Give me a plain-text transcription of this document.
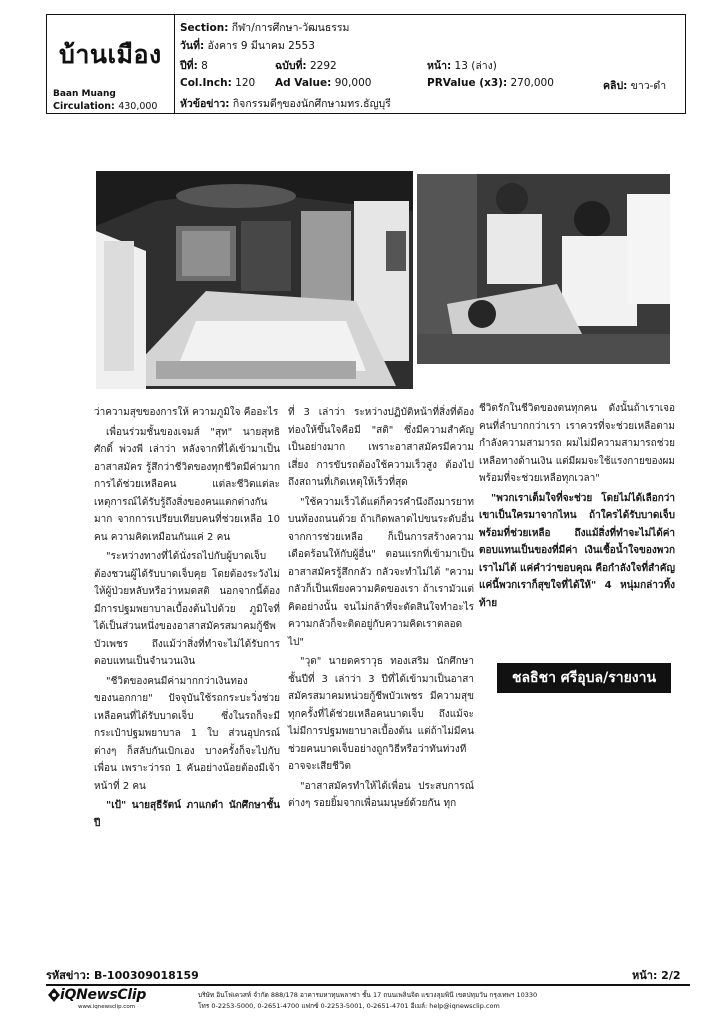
บ้านเมือง
Baan Muang
Circulation: 430,000
Section: กีฬา/การศึกษา-วัฒนธรรม
วันที่: อังคาร 9 มีนาคม 2553
ปีที่: 8	ฉบับที่: 2292	หน้า: 13 (ล่าง)
Col.Inch: 120 Ad Value: 90,000	PRValue (x3): 270,000	คลิป: ขาว-ดำ
หัวข้อข่าว: กิจกรรมดีๆของนักศึกษามทร.ธัญบุรี

ว่าความสุขของการให้ ความภูมิใจ คืออะไร

เพื่อนร่วมชั้นของเจมส์ "สุท" นายสุทธิศักดิ์ พ่วงพี เล่าว่า หลังจากที่ได้เข้ามาเป็นอาสาสมัคร รู้สึกว่าชีวิตของทุกชีวิตมีค่ามาก การได้ช่วยเหลือคน แต่ละชีวิตแต่ละเหตุการณ์ได้รับรู้ถึงสิ่งของคนแตกต่างกันมาก จากการเปรียบเทียบคนที่ช่วยเหลือ 10 คน ความคิดเหมือนกันแค่ 2 คน

"ระหว่างทางที่ได้นั่งรถไปกับผู้บาดเจ็บต้องชวนผู้ได้รับบาดเจ็บคุย โดยต้องระวังไม่ให้ผู้ป่วยหลับหรือว่าหมดสติ นอกจากนี้ต้องมีการปฐมพยาบาลเบื้องต้นไปด้วย ภูมิใจที่ได้เป็นส่วนหนึ่งของอาสาสมัครสมาคมกู้ชีพบัวเพชร ถึงแม้ว่าสิ่งที่ทำจะไม่ได้รับการตอบแทนเป็นจำนวนเงิน

"ชีวิตของคนมีค่ามากกว่าเงินทองของนอกกาย" ปัจจุบันใช้รถกระบะวิ่งช่วยเหลือคนที่ได้รับบาดเจ็บ ซึ่งในรถก็จะมีกระเป๋าปฐมพยาบาล 1 ใบ ส่วนอุปกรณ์ต่างๆ ก็สลับกันเบิกเอง บางครั้งก็จะไปกับเพื่อน เพราะว่ารถ 1 คันอย่างน้อยต้องมีเจ้าหน้าที่ 2 คน

"เป้" นายสุธีรัตน์ ภาแกดำ นักศึกษาชั้นปี

ที่ 3 เล่าว่า ระหว่างปฏิบัติหน้าที่สิ่งที่ต้องท่องให้ขึ้นใจคือมี "สติ" ซึ่งมีความสำคัญเป็นอย่างมาก เพราะอาสาสมัครมีความเสี่ยง การขับรถต้องใช้ความเร็วสูง ต้องไปถึงสถานที่เกิดเหตุให้เร็วที่สุด

"ใช้ความเร็วได้แต่ก็ควรคำนึงถึงมารยาทบนท้องถนนด้วย ถ้าเกิดพลาดไปขนระดับอื่นจากการช่วยเหลือ ก็เป็นการสร้างความเดือดร้อนให้กับผู้อื่น" ตอนแรกที่เข้ามาเป็นอาสาสมัครรู้สึกกลัว กลัวจะทำไม่ได้ "ความกลัวก็เป็นเพียงความคิดของเรา ถ้าเรามัวแต่คิดอย่างนั้น จนไม่กล้าที่จะตัดสินใจทำอะไร ความกลัวก็จะติดอยู่กับความคิดเราตลอดไป"

"วุด" นายดคราวุธ ทองเสริม นักศึกษาชั้นปีที่ 3 เล่าว่า 3 ปีที่ได้เข้ามาเป็นอาสาสมัครสมาคมหน่วยกู้ชีพบัวเพชร มีความสุขทุกครั้งที่ได้ช่วยเหลือคนบาดเจ็บ ถึงแม้จะไม่มีการปฐมพยาบาลเบื้องต้น แต่ถ้าไม่มีคนช่วยคนบาดเจ็บอย่างถูกวิธีหรือว่าทันท่วงทีอาจจะเสียชีวิต

"อาสาสมัครทำให้ได้เพื่อน ประสบการณ์ต่างๆ รอยยิ้มจากเพื่อนมนุษย์ด้วยกัน ทุก

ชีวิตรักในชีวิตของตนทุกคน ดังนั้นถ้าเราเจอคนที่ลำบากกว่าเรา เราควรที่จะช่วยเหลือตามกำลังความสามารถ ผมไม่มีความสามารถช่วยเหลือทางด้านเงิน แต่มีผมจะใช้แรงกายของผม พร้อมที่จะช่วยเหลือทุกเวลา"

"พวกเราเต็มใจที่จะช่วย โดยไม่ได้เลือกว่าเขาเป็นใครมาจากไหน ถ้าใครได้รับบาดเจ็บ พร้อมที่ช่วยเหลือ ถึงแม้สิ่งที่ทำจะไม่ได้ค่าตอบแทนเป็นของที่มีค่า เงินเชื้อน้ำใจของพวกเราไม่ได้ แค่คำว่าขอบคุณ คือกำลังใจที่สำคัญแค่นี้พวกเราก็สุขใจที่ได้ให้" 4 หนุ่มกล่าวทิ้งท้าย

ชลธิชา ศรีอุบล/รายงาน
รหัสข่าว: B-100309018159	หน้า: 2/2
iQNewsClip
www.iqnewsclip.com
บริษัท อินโฟเควสท์ จำกัด 888/178 อาคารมหาทุนพลาซ่า ชั้น 17 ถนนเพลินจิต แขวงลุมพินี เขตปทุมวัน กรุงเทพฯ 10330
โทร 0-2253-5000, 0-2651-4700 แฟกซ์ 0-2253-5001, 0-2651-4701 อีเมล์: help@iqnewsclip.com
